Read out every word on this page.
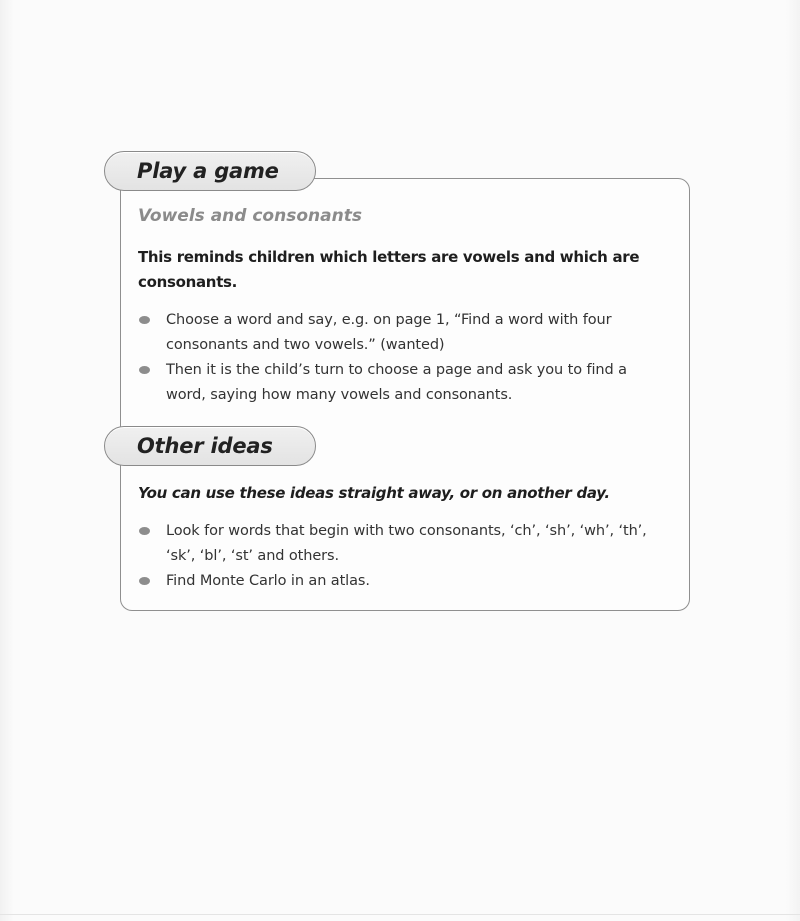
Play a game
Vowels and consonants
This reminds children which letters are vowels and which are consonants.
Choose a word and say, e.g. on page 1, “Find a word with four consonants and two vowels.” (wanted)
Then it is the child’s turn to choose a page and ask you to find a word, saying how many vowels and consonants.
Other ideas
You can use these ideas straight away, or on another day.
Look for words that begin with two consonants, ‘ch’, ‘sh’, ‘wh’, ‘th’, ‘sk’, ‘bl’, ‘st’ and others.
Find Monte Carlo in an atlas.
